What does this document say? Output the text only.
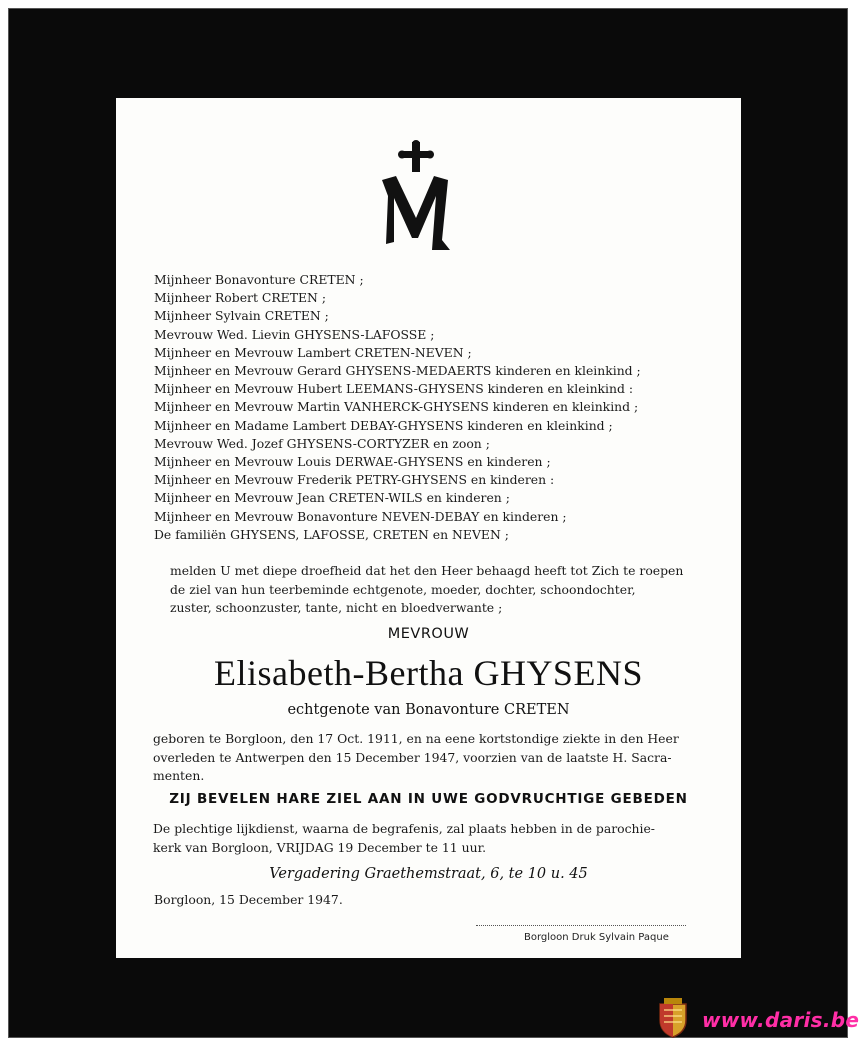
Mijnheer Bonavonture CRETEN ;
Mijnheer Robert CRETEN ;
Mijnheer Sylvain CRETEN ;
Mevrouw Wed. Lievin GHYSENS-LAFOSSE ;
Mijnheer en Mevrouw Lambert CRETEN-NEVEN ;
Mijnheer en Mevrouw Gerard GHYSENS-MEDAERTS kinderen en kleinkind ;
Mijnheer en Mevrouw Hubert LEEMANS-GHYSENS kinderen en kleinkind :
Mijnheer en Mevrouw Martin VANHERCK-GHYSENS kinderen en kleinkind ;
Mijnheer en Madame Lambert DEBAY-GHYSENS kinderen en kleinkind ;
Mevrouw Wed. Jozef GHYSENS-CORTYZER en zoon ;
Mijnheer en Mevrouw Louis DERWAE-GHYSENS en kinderen ;
Mijnheer en Mevrouw Frederik PETRY-GHYSENS en kinderen :
Mijnheer en Mevrouw Jean CRETEN-WILS en kinderen ;
Mijnheer en Mevrouw Bonavonture NEVEN-DEBAY en kinderen ;
De familiën GHYSENS, LAFOSSE, CRETEN en NEVEN ;
melden U met diepe droefheid dat het den Heer behaagd heeft tot Zich te roepen
de ziel van hun teerbeminde echtgenote, moeder, dochter, schoondochter,
zuster, schoonzuster, tante, nicht en bloedverwante ;
MEVROUW
Elisabeth-Bertha GHYSENS
echtgenote van Bonavonture CRETEN
geboren te Borgloon, den 17 Oct. 1911, en na eene kortstondige ziekte in den Heer
overleden te Antwerpen den 15 December 1947, voorzien van de laatste H. Sacra-
menten.
ZIJ BEVELEN HARE ZIEL AAN IN UWE GODVRUCHTIGE GEBEDEN
De plechtige lijkdienst, waarna de begrafenis, zal plaats hebben in de parochie-
kerk van Borgloon, VRIJDAG 19 December te 11 uur.
Vergadering Graethemstraat, 6, te 10 u. 45
Borgloon, 15 December 1947.
Borgloon Druk Sylvain Paque
www.daris.be
